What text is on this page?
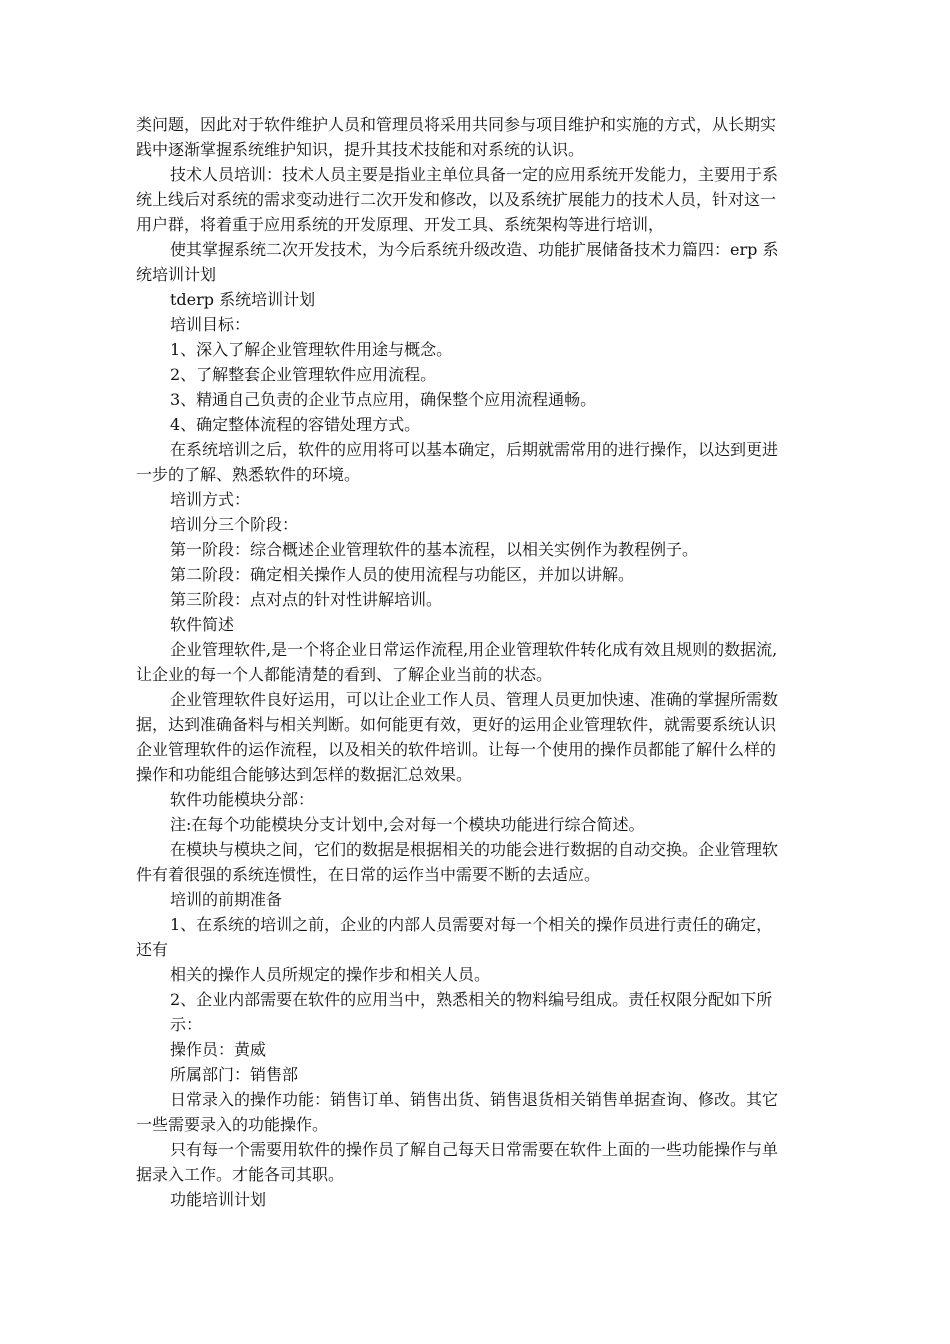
类问题，因此对于软件维护人员和管理员将采用共同参与项目维护和实施的方式，从长期实
践中逐渐掌握系统维护知识，提升其技术技能和对系统的认识。
技术人员培训：技术人员主要是指业主单位具备一定的应用系统开发能力，主要用于系
统上线后对系统的需求变动进行二次开发和修改，以及系统扩展能力的技术人员，针对这一
用户群，将着重于应用系统的开发原理、开发工具、系统架构等进行培训，
使其掌握系统二次开发技术，为今后系统升级改造、功能扩展储备技术力篇四：erp 系
统培训计划
tderp 系统培训计划
培训目标：
1、深入了解企业管理软件用途与概念。
2、了解整套企业管理软件应用流程。
3、精通自己负责的企业节点应用，确保整个应用流程通畅。
4、确定整体流程的容错处理方式。
在系统培训之后，软件的应用将可以基本确定，后期就需常用的进行操作，以达到更进
一步的了解、熟悉软件的环境。
培训方式：
培训分三个阶段：
第一阶段：综合概述企业管理软件的基本流程，以相关实例作为教程例子。
第二阶段：确定相关操作人员的使用流程与功能区，并加以讲解。
第三阶段：点对点的针对性讲解培训。
软件简述
企业管理软件,是一个将企业日常运作流程,用企业管理软件转化成有效且规则的数据流,
让企业的每一个人都能清楚的看到、了解企业当前的状态。
企业管理软件良好运用，可以让企业工作人员、管理人员更加快速、准确的掌握所需数
据，达到准确备料与相关判断。如何能更有效，更好的运用企业管理软件，就需要系统认识
企业管理软件的运作流程，以及相关的软件培训。让每一个使用的操作员都能了解什么样的
操作和功能组合能够达到怎样的数据汇总效果。
软件功能模块分部：
注:在每个功能模块分支计划中,会对每一个模块功能进行综合简述。
在模块与模块之间，它们的数据是根据相关的功能会进行数据的自动交换。企业管理软
件有着很强的系统连惯性，在日常的运作当中需要不断的去适应。
培训的前期准备
1、在系统的培训之前，企业的内部人员需要对每一个相关的操作员进行责任的确定，
还有
相关的操作人员所规定的操作步和相关人员。
2、企业内部需要在软件的应用当中，熟悉相关的物料编号组成。责任权限分配如下所
示：
操作员：黄威
所属部门：销售部
日常录入的操作功能：销售订单、销售出货、销售退货相关销售单据查询、修改。其它
一些需要录入的功能操作。
只有每一个需要用软件的操作员了解自己每天日常需要在软件上面的一些功能操作与单
据录入工作。才能各司其职。
功能培训计划
